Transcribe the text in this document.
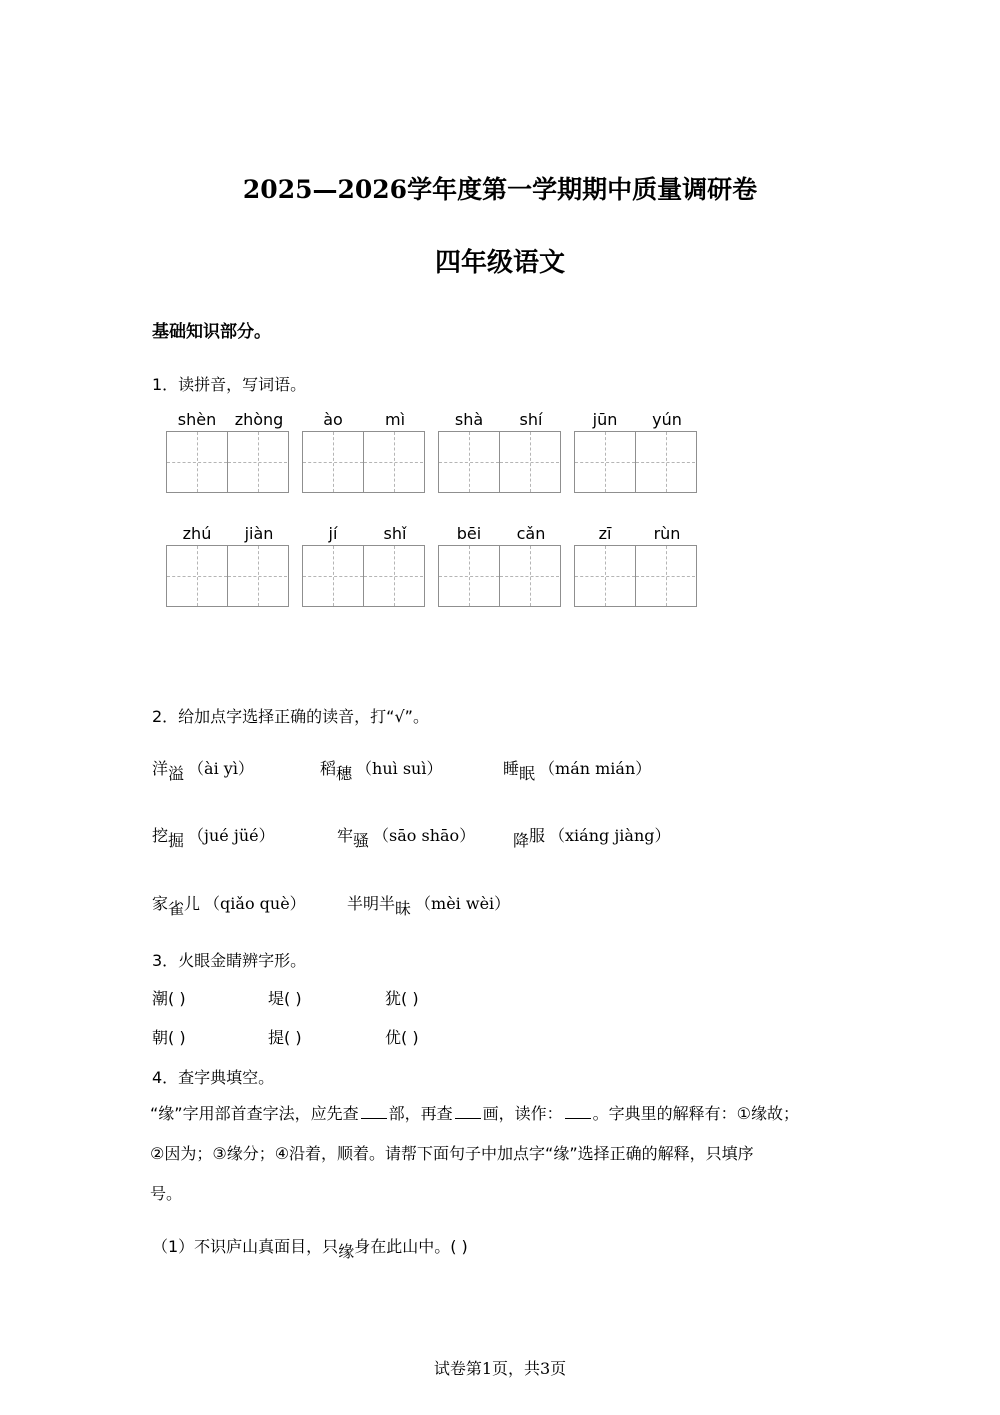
2025—2026学年度第一学期期中质量调研卷
四年级语文
基础知识部分。
1．读拼音，写词语。
shèn	zhòng	ào	mì	shà	shí	jūn	yún
zhú	jiàn	jí	shǐ	bēi	cǎn	zī	rùn
2．给加点字选择正确的读音，打“√”。
洋溢 （ài yì）	稻穗 （huì suì）	睡眠 （mán mián）
挖掘 （jué jüé）	牢骚 （sāo shāo） 降服 （xiáng jiàng）
家雀儿 （qiǎo què）	半明半昧 （mèi wèi）
3．火眼金睛辨字形。
潮( )	堤( )	犹( )
朝( )	提( )	优( )
4．查字典填空。
“缘”字用部首查字法，应先查 部，再查 画，读作： 。字典里的解释有：①缘故；
②因为；③缘分；④沿着，顺着。请帮下面句子中加点字“缘”选择正确的解释，只填序
号。
（1）不识庐山真面目，只缘身在此山中。( )
试卷第1页，共3页
